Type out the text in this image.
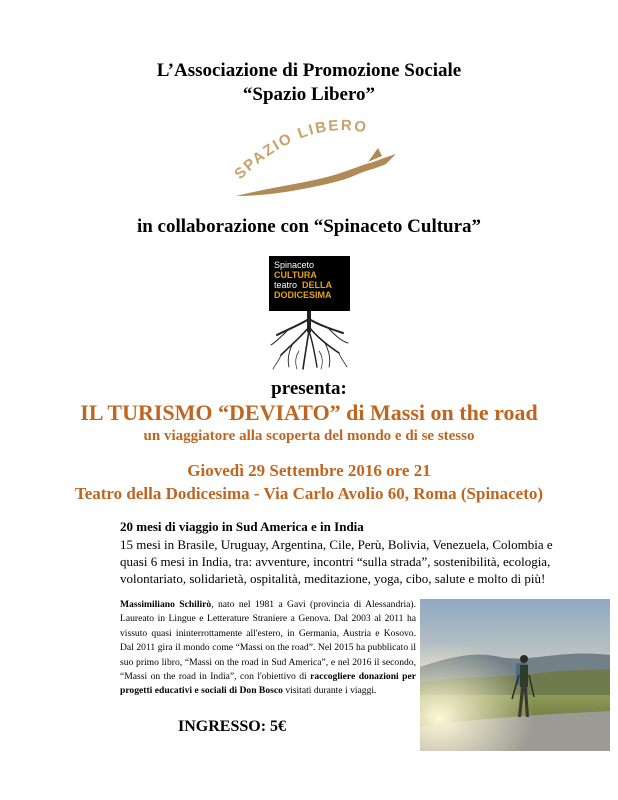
L’Associazione di Promozione Sociale
“Spazio Libero”
SPAZIO LIBERO
in collaborazione con “Spinaceto Cultura”
Spinaceto
CULTURA
teatro DELLA
DODICESIMA
presenta:
IL TURISMO “DEVIATO” di Massi on the road
un viaggiatore alla scoperta del mondo e di se stesso
Giovedì 29 Settembre 2016 ore 21
Teatro della Dodicesima - Via Carlo Avolio 60, Roma (Spinaceto)
20 mesi di viaggio in Sud America e in India
15 mesi in Brasile, Uruguay, Argentina, Cile, Perù, Bolivia, Venezuela, Colombia e quasi 6 mesi in India, tra: avventure, incontri “sulla strada”, sostenibilità, ecologia, volontariato, solidarietà, ospitalità, meditazione, yoga, cibo, salute e molto di più!
Massimiliano Schilirò, nato nel 1981 a Gavi (provincia di Alessandria). Laureato in Lingue e Letterature Straniere a Genova. Dal 2003 al 2011 ha vissuto quasi ininterrottamente all'estero, in Germania, Austria e Kosovo. Dal 2011 gira il mondo come “Massi on the road”. Nel 2015 ha pubblicato il suo primo libro, “Massi on the road in Sud America”, e nel 2016 il secondo, “Massi on the road in India”, con l'obiettivo di raccogliere donazioni per progetti educativi e sociali di Don Bosco visitati durante i viaggi.
INGRESSO: 5€
